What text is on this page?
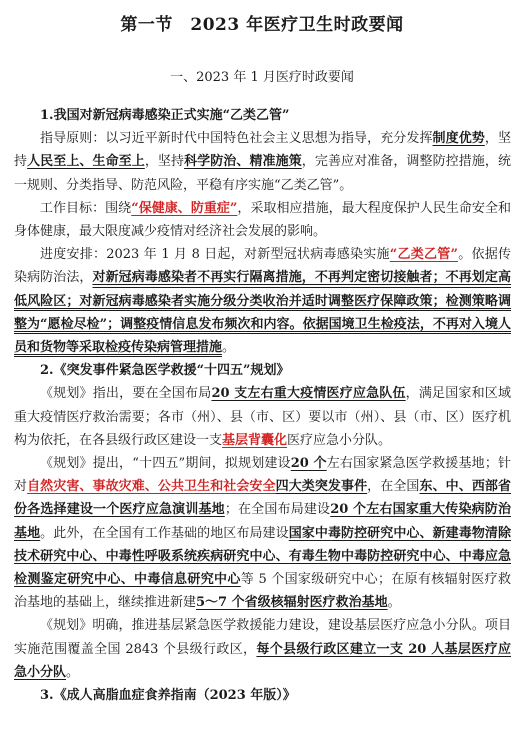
第一节　2023 年医疗卫生时政要闻
一、2023 年 1 月医疗时政要闻

1.我国对新冠病毒感染正式实施“乙类乙管”

指导原则：以习近平新时代中国特色社会主义思想为指导，充分发挥制度优势，坚持人民至上、生命至上，坚持科学防治、精准施策，完善应对准备，调整防控措施，统一规则、分类指导、防范风险，平稳有序实施“乙类乙管”。

工作目标：围绕“保健康、防重症”，采取相应措施，最大程度保护人民生命安全和身体健康，最大限度减少疫情对经济社会发展的影响。

进度安排：2023 年 1 月 8 日起，对新型冠状病毒感染实施“乙类乙管”。依据传染病防治法，对新冠病毒感染者不再实行隔离措施，不再判定密切接触者；不再划定高低风险区；对新冠病毒感染者实施分级分类收治并适时调整医疗保障政策；检测策略调整为“愿检尽检”；调整疫情信息发布频次和内容。依据国境卫生检疫法，不再对入境人员和货物等采取检疫传染病管理措施。

2.《突发事件紧急医学救援“十四五”规划》

《规划》指出，要在全国布局20 支左右重大疫情医疗应急队伍，满足国家和区域重大疫情医疗救治需要；各市（州）、县（市、区）要以市（州）、县（市、区）医疗机构为依托，在各县级行政区建设一支基层背囊化医疗应急小分队。

《规划》提出，“十四五”期间，拟规划建设20 个左右国家紧急医学救援基地；针对自然灾害、事故灾难、公共卫生和社会安全四大类突发事件，在全国东、中、西部省份各选择建设一个医疗应急演训基地；在全国布局建设20 个左右国家重大传染病防治基地。此外，在全国有工作基础的地区布局建设国家中毒防控研究中心、新建毒物清除技术研究中心、中毒性呼吸系统疾病研究中心、有毒生物中毒防控研究中心、中毒应急检测鉴定研究中心、中毒信息研究中心等 5 个国家级研究中心；在原有核辐射医疗救治基地的基础上，继续推进新建5～7 个省级核辐射医疗救治基地。

《规划》明确，推进基层紧急医学救援能力建设，建设基层医疗应急小分队。项目实施范围覆盖全国 2843 个县级行政区，每个县级行政区建立一支 20 人基层医疗应急小分队。

3.《成人高脂血症食养指南（2023 年版）》
